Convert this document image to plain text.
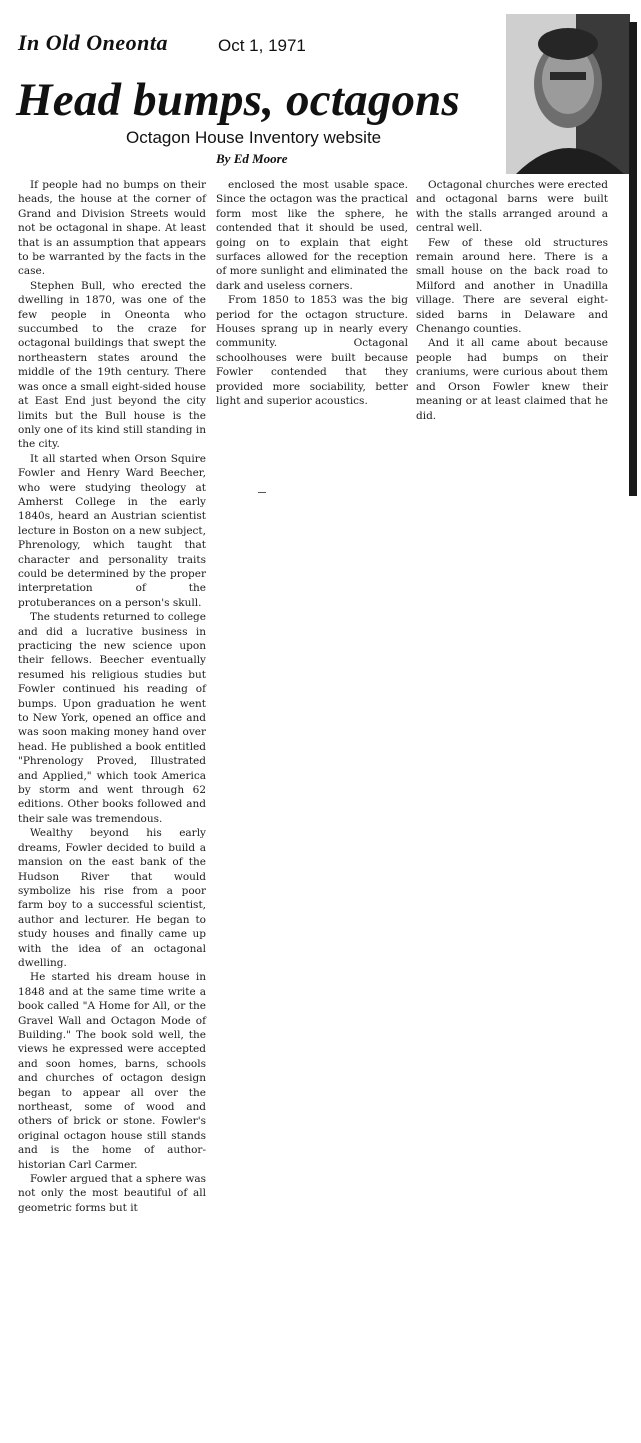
In Old Oneonta	Oct 1, 1971
Head bumps, octagons
Octagon House Inventory website
By Ed Moore

If people had no bumps on their heads, the house at the corner of Grand and Division Streets would not be octagonal in shape. At least that is an assumption that appears to be warranted by the facts in the case.

Stephen Bull, who erected the dwelling in 1870, was one of the few people in Oneonta who succumbed to the craze for octagonal buildings that swept the northeastern states around the middle of the 19th century. There was once a small eight-sided house at East End just beyond the city limits but the Bull house is the only one of its kind still standing in the city.

It all started when Orson Squire Fowler and Henry Ward Beecher, who were studying theology at Amherst College in the early 1840s, heard an Austrian scientist lecture in Boston on a new subject, Phrenology, which taught that character and personality traits could be determined by the proper interpretation of the protuberances on a person's skull.

The students returned to college and did a lucrative business in practicing the new science upon their fellows. Beecher eventually resumed his religious studies but Fowler continued his reading of bumps. Upon graduation he went to New York, opened an office and was soon making money hand over head. He published a book entitled "Phrenology Proved, Illustrated and Applied," which took America by storm and went through 62 editions. Other books followed and their sale was tremendous.

Wealthy beyond his early dreams, Fowler decided to build a mansion on the east bank of the Hudson River that would symbolize his rise from a poor farm boy to a successful scientist, author and lecturer. He began to study houses and finally came up with the idea of an octagonal dwelling.

He started his dream house in 1848 and at the same time write a book called "A Home for All, or the Gravel Wall and Octagon Mode of Building." The book sold well, the views he expressed were accepted and soon homes, barns, schools and churches of octagon design began to appear all over the northeast, some of wood and others of brick or stone. Fowler's original octagon house still stands and is the home of author-historian Carl Carmer.

Fowler argued that a sphere was not only the most beautiful of all geometric forms but it

enclosed the most usable space. Since the octagon was the practical form most like the sphere, he contended that it should be used, going on to explain that eight surfaces allowed for the reception of more sunlight and eliminated the dark and useless corners.

From 1850 to 1853 was the big period for the octagon structure. Houses sprang up in nearly every community. Octagonal schoolhouses were built because Fowler contended that they provided more sociability, better light and superior acoustics.

Octagonal churches were erected and octagonal barns were built with the stalls arranged around a central well.

Few of these old structures remain around here. There is a small house on the back road to Milford and another in Unadilla village. There are several eight-sided barns in Delaware and Chenango counties.

And it all came about because people had bumps on their craniums, were curious about them and Orson Fowler knew their meaning or at least claimed that he did.
